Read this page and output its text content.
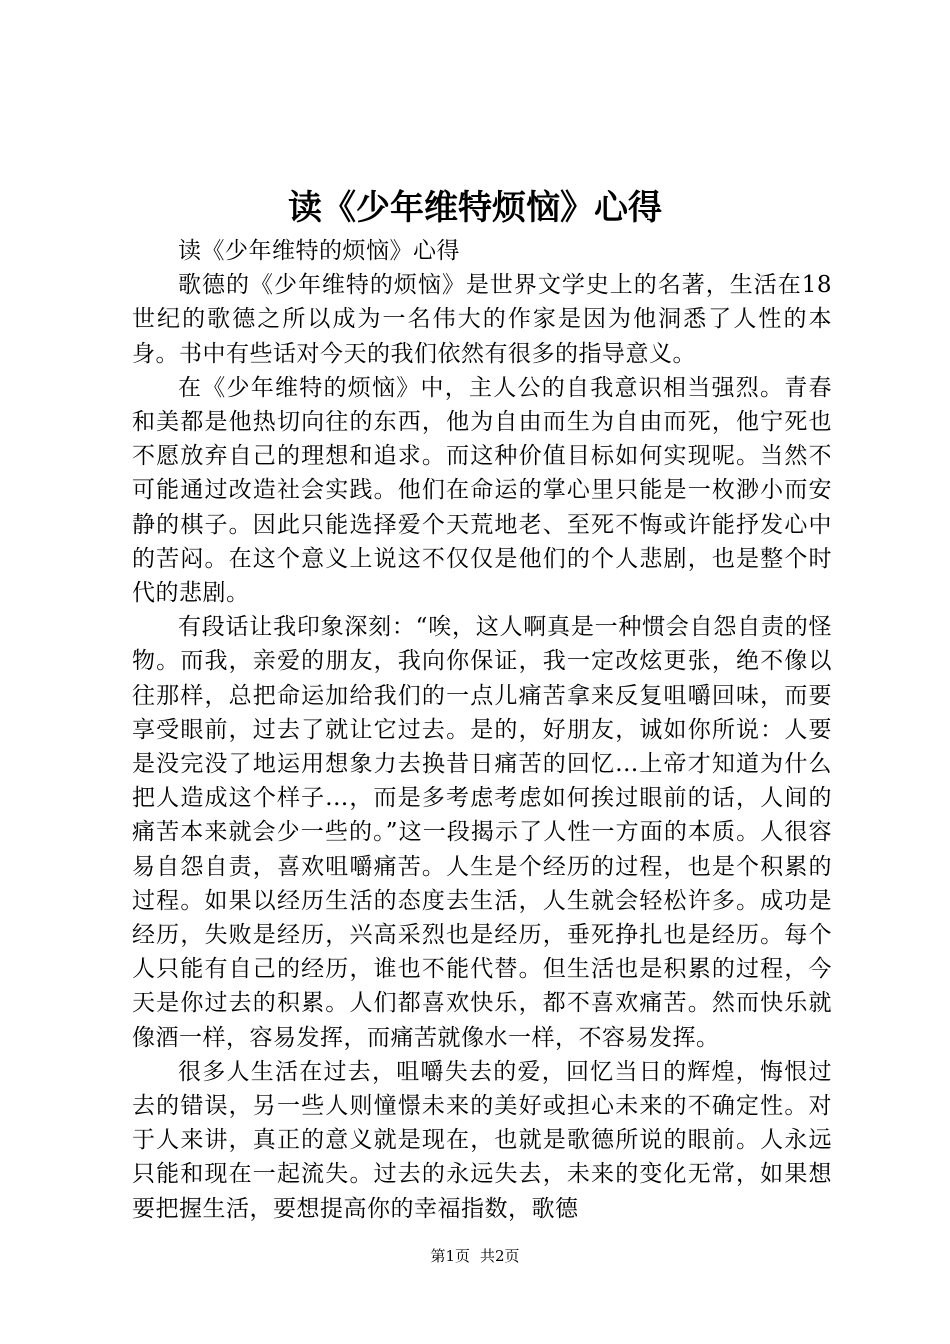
读《少年维特烦恼》心得

读《少年维特的烦恼》心得

歌德的《少年维特的烦恼》是世界文学史上的名著，生活在18世纪的歌德之所以成为一名伟大的作家是因为他洞悉了人性的本身。书中有些话对今天的我们依然有很多的指导意义。

在《少年维特的烦恼》中，主人公的自我意识相当强烈。青春和美都是他热切向往的东西，他为自由而生为自由而死，他宁死也不愿放弃自己的理想和追求。而这种价值目标如何实现呢。当然不可能通过改造社会实践。他们在命运的掌心里只能是一枚渺小而安静的棋子。因此只能选择爱个天荒地老、至死不悔或许能抒发心中的苦闷。在这个意义上说这不仅仅是他们的个人悲剧，也是整个时代的悲剧。

有段话让我印象深刻：“唉，这人啊真是一种惯会自怨自责的怪物。而我，亲爱的朋友，我向你保证，我一定改炫更张，绝不像以往那样，总把命运加给我们的一点儿痛苦拿来反复咀嚼回味，而要享受眼前，过去了就让它过去。是的，好朋友，诚如你所说：人要是没完没了地运用想象力去换昔日痛苦的回忆...上帝才知道为什么把人造成这个样子...，而是多考虑考虑如何挨过眼前的话，人间的痛苦本来就会少一些的。”这一段揭示了人性一方面的本质。人很容易自怨自责，喜欢咀嚼痛苦。人生是个经历的过程，也是个积累的过程。如果以经历生活的态度去生活，人生就会轻松许多。成功是经历，失败是经历，兴高采烈也是经历，垂死挣扎也是经历。每个人只能有自己的经历，谁也不能代替。但生活也是积累的过程，今天是你过去的积累。人们都喜欢快乐，都不喜欢痛苦。然而快乐就像酒一样，容易发挥，而痛苦就像水一样，不容易发挥。

很多人生活在过去，咀嚼失去的爱，回忆当日的辉煌，悔恨过去的错误，另一些人则憧憬未来的美好或担心未来的不确定性。对于人来讲，真正的意义就是现在，也就是歌德所说的眼前。人永远只能和现在一起流失。过去的永远失去，未来的变化无常，如果想要把握生活，要想提高你的幸福指数，歌德

第1页 共2页
